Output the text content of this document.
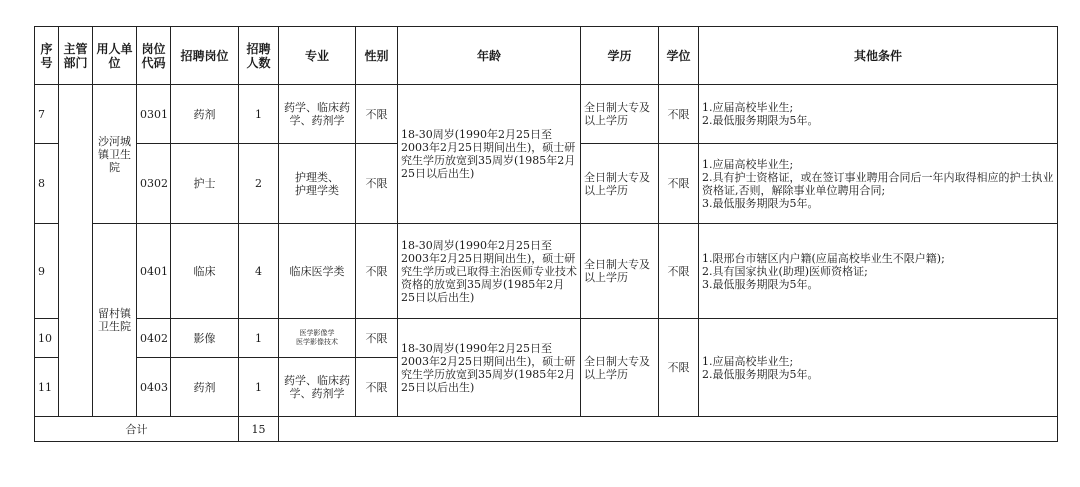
序号	主管部门	用人单位	岗位代码	招聘岗位	招聘人数	专业	性别	年龄	学历	学位	其他条件
7		沙河城镇卫生院	0301	药剂	1	药学、临床药学、药剂学	不限	18-30周岁(1990年2月25日至2003年2月25日期间出生)，硕士研究生学历放宽到35周岁(1985年2月25日以后出生)	全日制大专及以上学历	不限	1.应届高校毕业生;
2.最低服务期限为5年。
8			0302	护士	2	护理类、
护理学类	不限		全日制大专及以上学历	不限	1.应届高校毕业生;
2.具有护士资格证，或在签订事业聘用合同后一年内取得相应的护士执业资格证,否则，解除事业单位聘用合同;
3.最低服务期限为5年。
9		留村镇卫生院	0401	临床	4	临床医学类	不限	18-30周岁(1990年2月25日至2003年2月25日期间出生)，硕士研究生学历或已取得主治医师专业技术资格的放宽到35周岁(1985年2月25日以后出生)	全日制大专及以上学历	不限	1.限邢台市辖区内户籍(应届高校毕业生不限户籍);
2.具有国家执业(助理)医师资格证;
3.最低服务期限为5年。
10			0402	影像	1	医学影像学
医学影像技术	不限	18-30周岁(1990年2月25日至2003年2月25日期间出生)，硕士研究生学历放宽到35周岁(1985年2月25日以后出生)	全日制大专及以上学历	不限	1.应届高校毕业生;
2.最低服务期限为5年。
11			0403	药剂	1	药学、临床药学、药剂学	不限				
合计					15						
